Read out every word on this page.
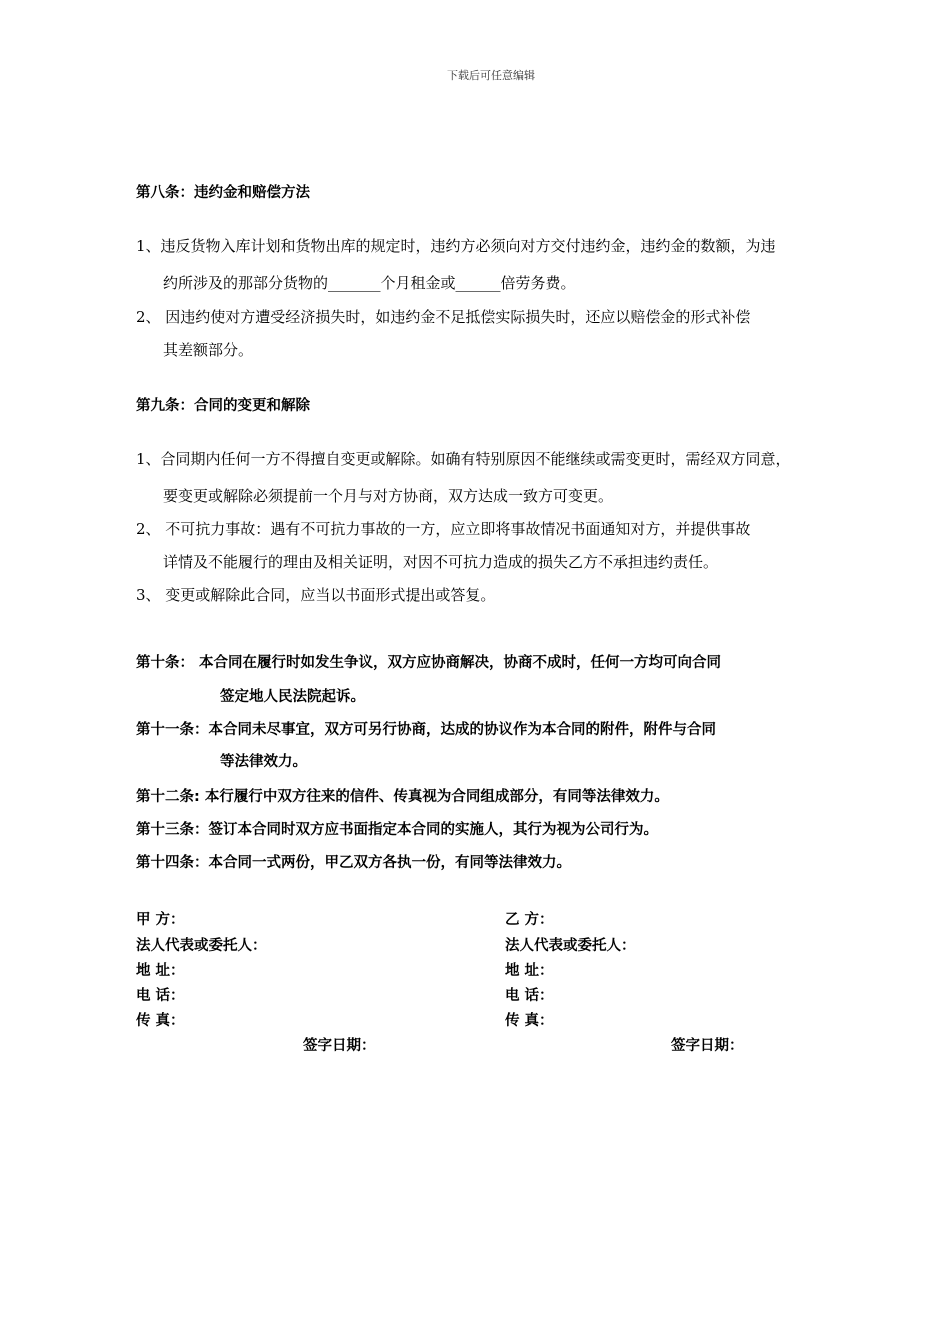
下载后可任意编辑
第八条：违约金和赔偿方法
1、违反货物入库计划和货物出库的规定时，违约方必须向对方交付违约金，违约金的数额，为违
约所涉及的那部分货物的_______个月租金或______倍劳务费。
2、 因违约使对方遭受经济损失时，如违约金不足抵偿实际损失时，还应以赔偿金的形式补偿
其差额部分。
第九条：合同的变更和解除
1、合同期内任何一方不得擅自变更或解除。如确有特别原因不能继续或需变更时，需经双方同意，
要变更或解除必须提前一个月与对方协商，双方达成一致方可变更。
2、 不可抗力事故：遇有不可抗力事故的一方，应立即将事故情况书面通知对方，并提供事故
详情及不能履行的理由及相关证明，对因不可抗力造成的损失乙方不承担违约责任。
3、 变更或解除此合同，应当以书面形式提出或答复。
第十条： 本合同在履行时如发生争议，双方应协商解决，协商不成时，任何一方均可向合同
签定地人民法院起诉。
第十一条：本合同未尽事宜，双方可另行协商，达成的协议作为本合同的附件，附件与合同
等法律效力。
第十二条: 本行履行中双方往来的信件、传真视为合同组成部分，有同等法律效力。
第十三条：签订本合同时双方应书面指定本合同的实施人，其行为视为公司行为。
第十四条：本合同一式两份，甲乙双方各执一份，有同等法律效力。
甲 方：
法人代表或委托人：
地 址：
电 话：
传 真：
签字日期：
乙 方：
法人代表或委托人：
地 址：
电 话：
传 真：
签字日期：
